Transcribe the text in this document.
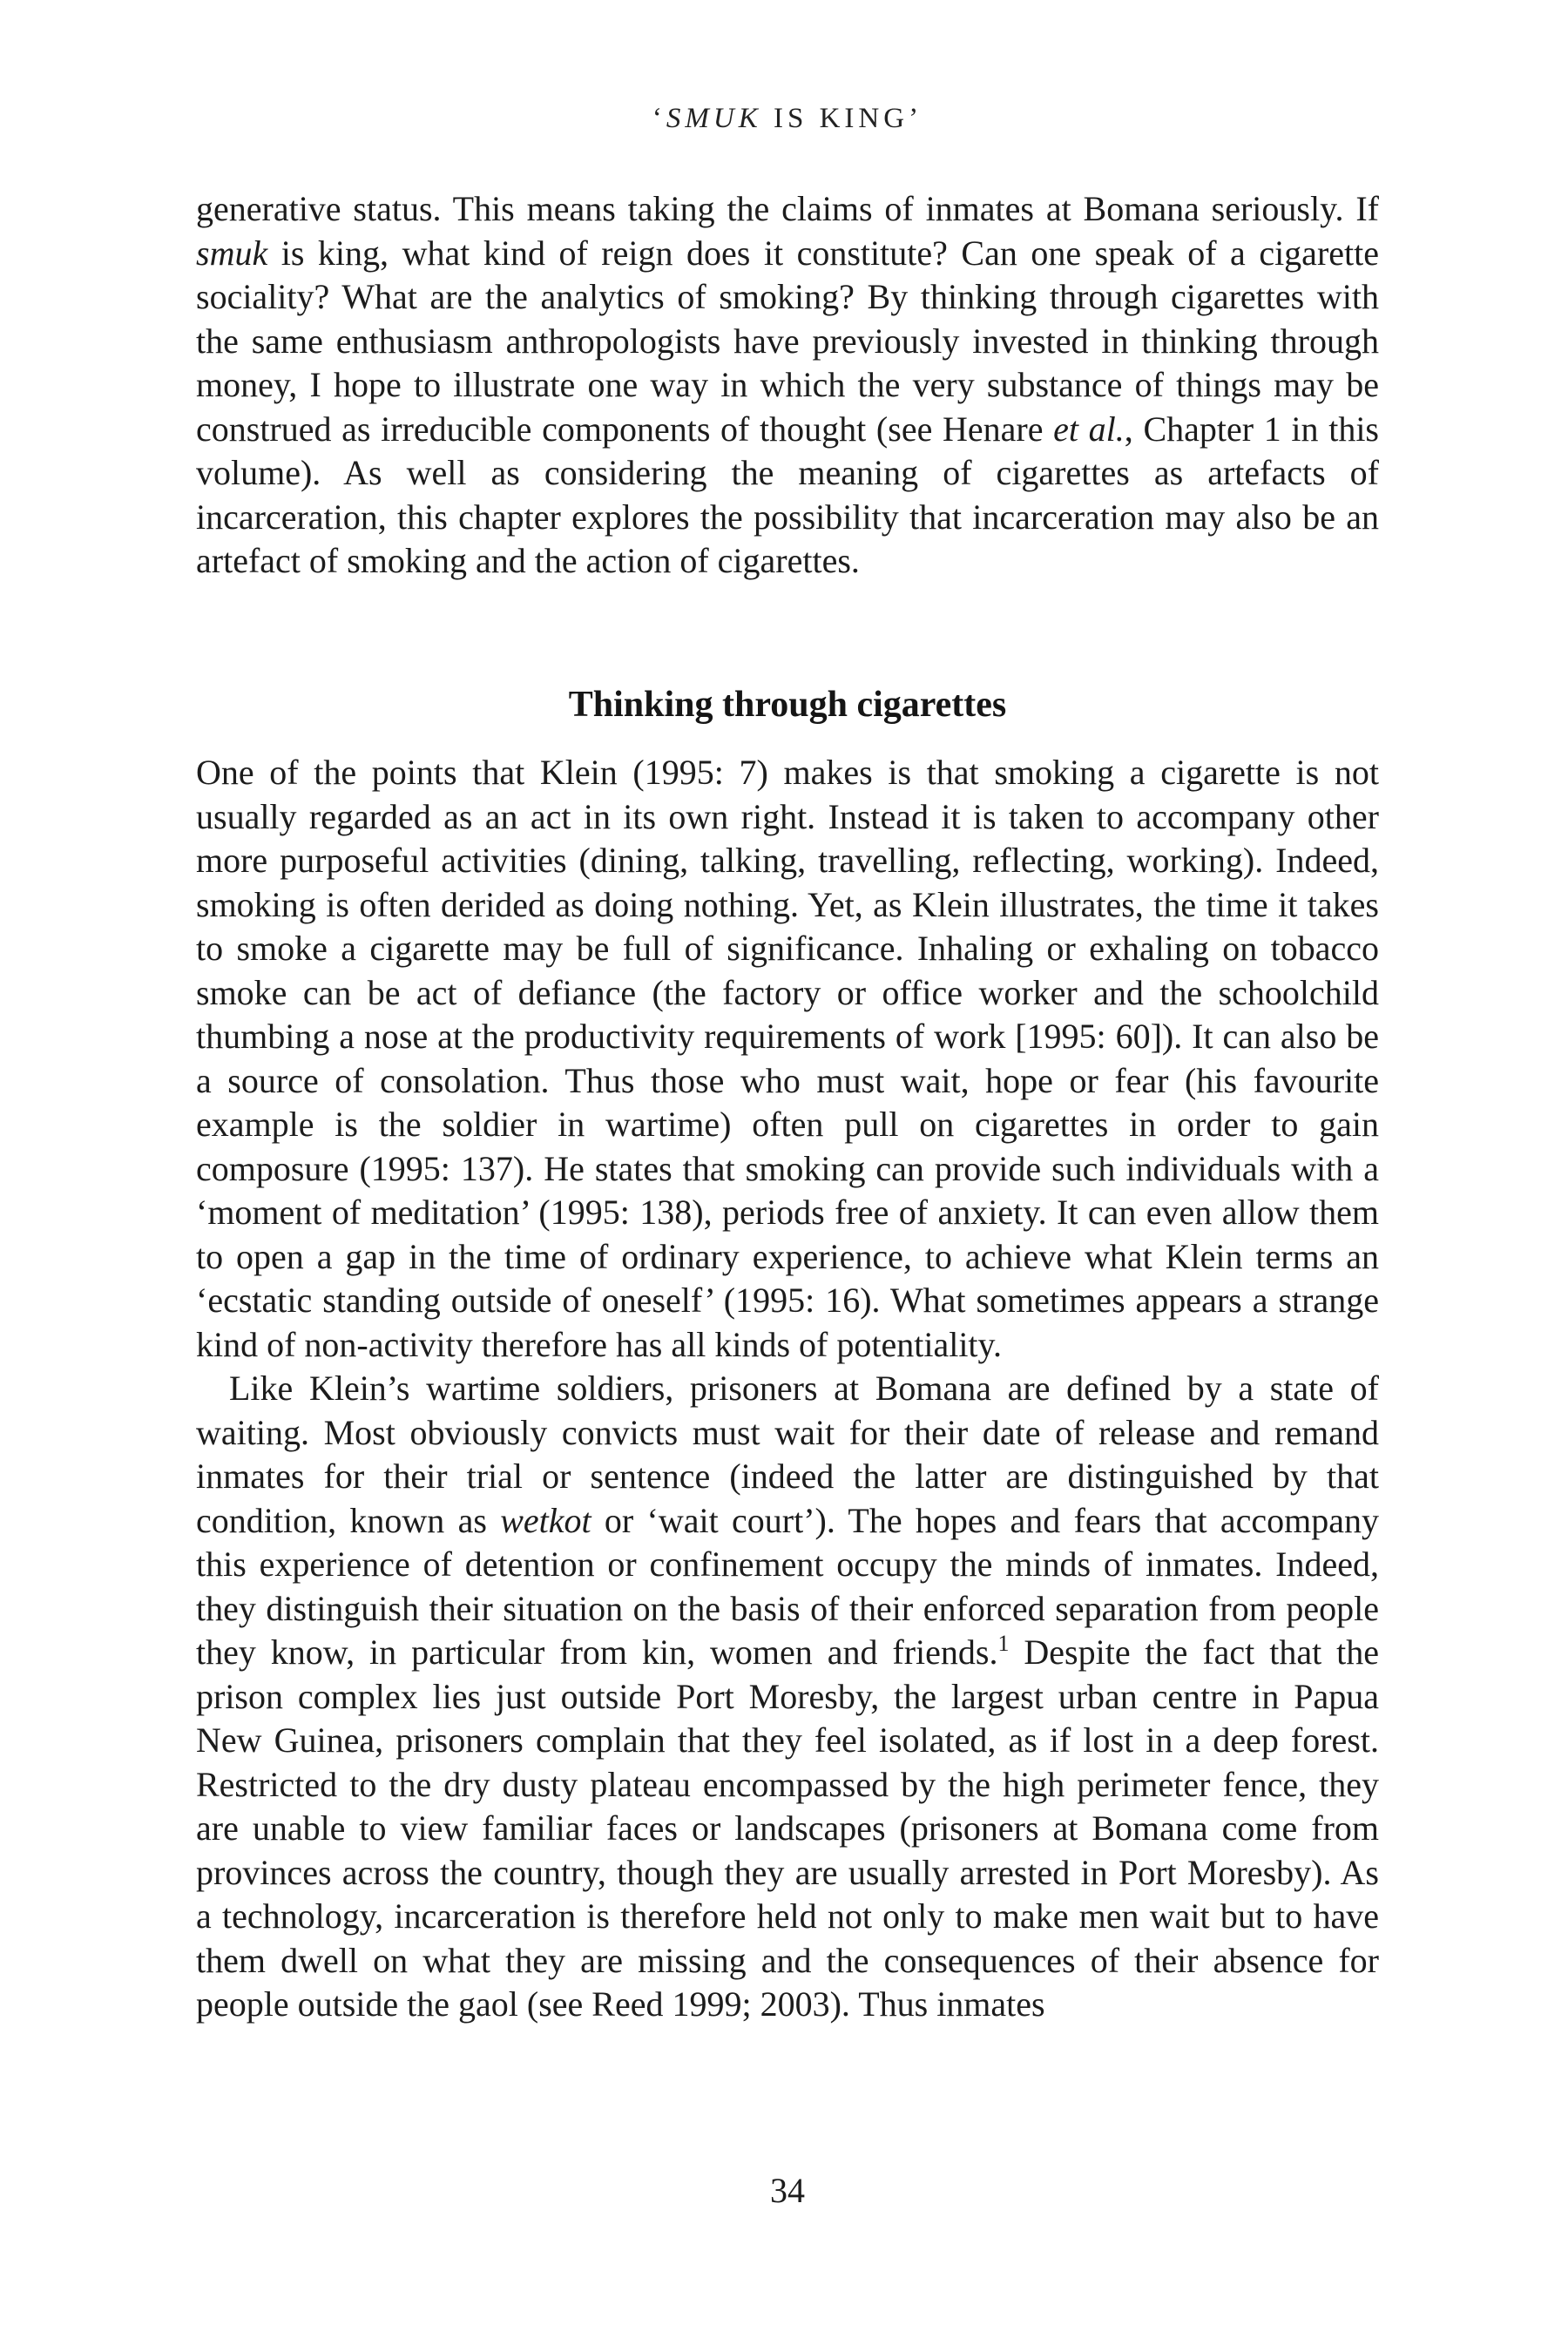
‘SMUK IS KING’

generative status. This means taking the claims of inmates at Bomana seriously. If smuk is king, what kind of reign does it constitute? Can one speak of a cigarette sociality? What are the analytics of smoking? By thinking through cigarettes with the same enthusiasm anthropologists have previously invested in thinking through money, I hope to illustrate one way in which the very substance of things may be construed as irreducible components of thought (see Henare et al., Chapter 1 in this volume). As well as considering the meaning of cigarettes as artefacts of incarceration, this chapter explores the possibility that incarceration may also be an artefact of smoking and the action of cigarettes.

Thinking through cigarettes

One of the points that Klein (1995: 7) makes is that smoking a cigarette is not usually regarded as an act in its own right. Instead it is taken to accompany other more purposeful activities (dining, talking, travelling, reflecting, working). Indeed, smoking is often derided as doing nothing. Yet, as Klein illustrates, the time it takes to smoke a cigarette may be full of significance. Inhaling or exhaling on tobacco smoke can be act of defiance (the factory or office worker and the schoolchild thumbing a nose at the productivity requirements of work [1995: 60]). It can also be a source of consolation. Thus those who must wait, hope or fear (his favourite example is the soldier in wartime) often pull on cigarettes in order to gain composure (1995: 137). He states that smoking can provide such individuals with a ‘moment of meditation’ (1995: 138), periods free of anxiety. It can even allow them to open a gap in the time of ordinary experience, to achieve what Klein terms an ‘ecstatic standing outside of oneself’ (1995: 16). What sometimes appears a strange kind of non-activity therefore has all kinds of potentiality.

Like Klein’s wartime soldiers, prisoners at Bomana are defined by a state of waiting. Most obviously convicts must wait for their date of release and remand inmates for their trial or sentence (indeed the latter are distinguished by that condition, known as wetkot or ‘wait court’). The hopes and fears that accompany this experience of detention or confinement occupy the minds of inmates. Indeed, they distinguish their situation on the basis of their enforced separation from people they know, in particular from kin, women and friends.$^1$ Despite the fact that the prison complex lies just outside Port Moresby, the largest urban centre in Papua New Guinea, prisoners complain that they feel isolated, as if lost in a deep forest. Restricted to the dry dusty plateau encompassed by the high perimeter fence, they are unable to view familiar faces or landscapes (prisoners at Bomana come from provinces across the country, though they are usually arrested in Port Moresby). As a technology, incarceration is therefore held not only to make men wait but to have them dwell on what they are missing and the consequences of their absence for people outside the gaol (see Reed 1999; 2003). Thus inmates

34
